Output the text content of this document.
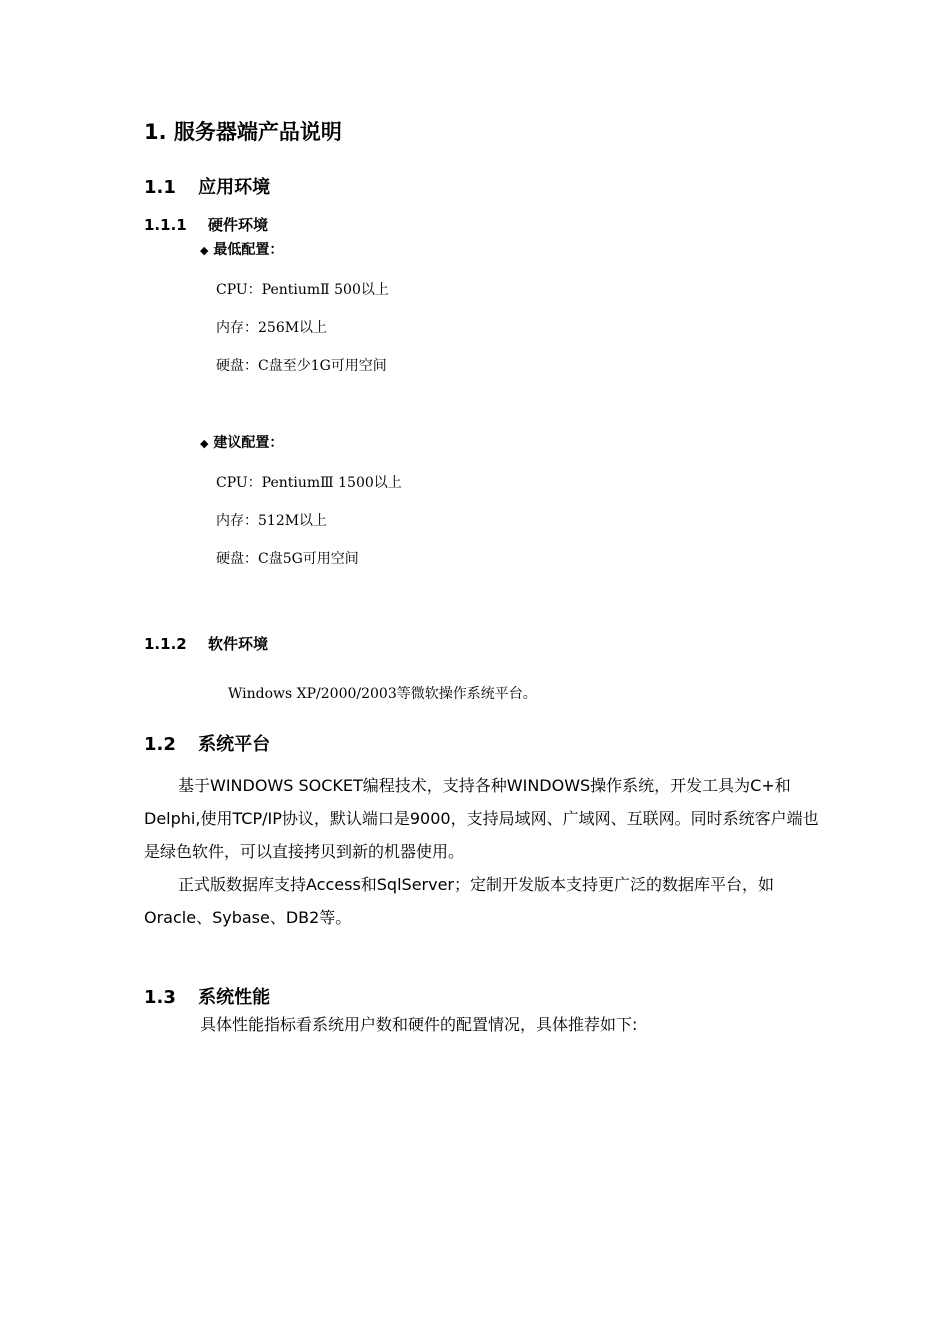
1. 服务器端产品说明
1.1 应用环境
1.1.1 硬件环境
◆ 最低配置：
CPU：PentiumⅡ 500以上
内存：256M以上
硬盘：C盘至少1G可用空间
◆ 建议配置：
CPU：PentiumⅢ 1500以上
内存：512M以上
硬盘：C盘5G可用空间
1.1.2 软件环境
Windows XP/2000/2003等微软操作系统平台。
1.2 系统平台
基于WINDOWS SOCKET编程技术，支持各种WINDOWS操作系统，开发工具为C+和Delphi,使用TCP/IP协议，默认端口是9000，支持局域网、广域网、互联网。同时系统客户端也是绿色软件，可以直接拷贝到新的机器使用。
正式版数据库支持Access和SqlServer；定制开发版本支持更广泛的数据库平台，如Oracle、Sybase、DB2等。
1.3 系统性能
具体性能指标看系统用户数和硬件的配置情况，具体推荐如下:
